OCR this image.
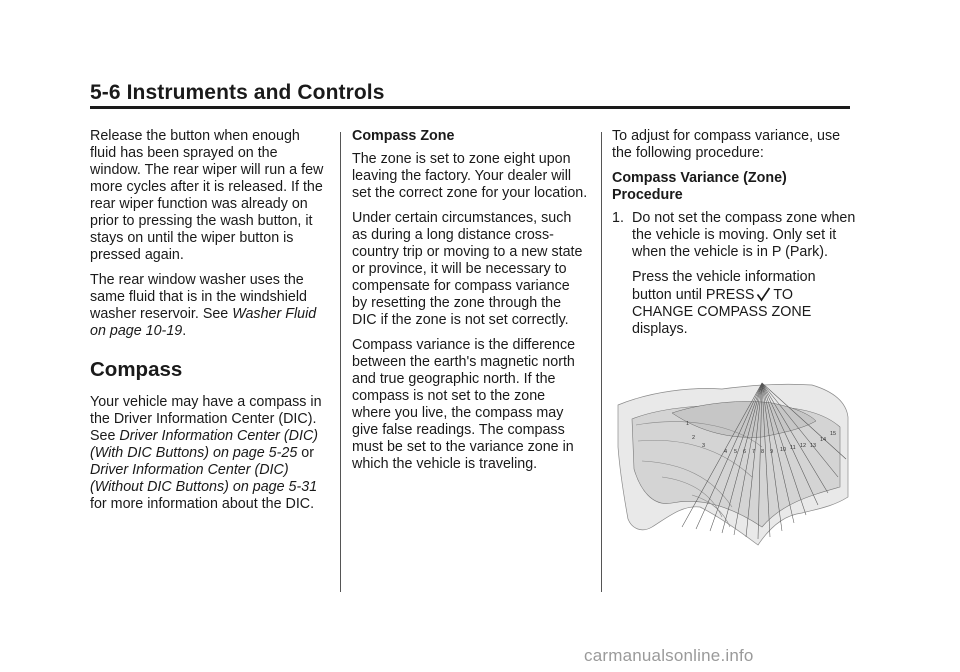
5-6 Instruments and Controls

Release the button when enough fluid has been sprayed on the window. The rear wiper will run a few more cycles after it is released. If the rear wiper function was already on prior to pressing the wash button, it stays on until the wiper button is pressed again.

The rear window washer uses the same fluid that is in the windshield washer reservoir. See Washer Fluid on page 10-19.

Compass

Your vehicle may have a compass in the Driver Information Center (DIC). See Driver Information Center (DIC) (With DIC Buttons) on page 5-25 or Driver Information Center (DIC) (Without DIC Buttons) on page 5-31 for more information about the DIC.

Compass Zone

The zone is set to zone eight upon leaving the factory. Your dealer will set the correct zone for your location.

Under certain circumstances, such as during a long distance cross-country trip or moving to a new state or province, it will be necessary to compensate for compass variance by resetting the zone through the DIC if the zone is not set correctly.

Compass variance is the difference between the earth's magnetic north and true geographic north. If the compass is not set to the zone where you live, the compass may give false readings. The compass must be set to the variance zone in which the vehicle is traveling.

To adjust for compass variance, use the following procedure:

Compass Variance (Zone) Procedure

1. Do not set the compass zone when the vehicle is moving. Only set it when the vehicle is in P (Park).

Press the vehicle information button until PRESS TO CHANGE COMPASS ZONE displays.

1
2
3
4 5 6 7 8 9 10 11 12 13
14
15
carmanualsonline.info
